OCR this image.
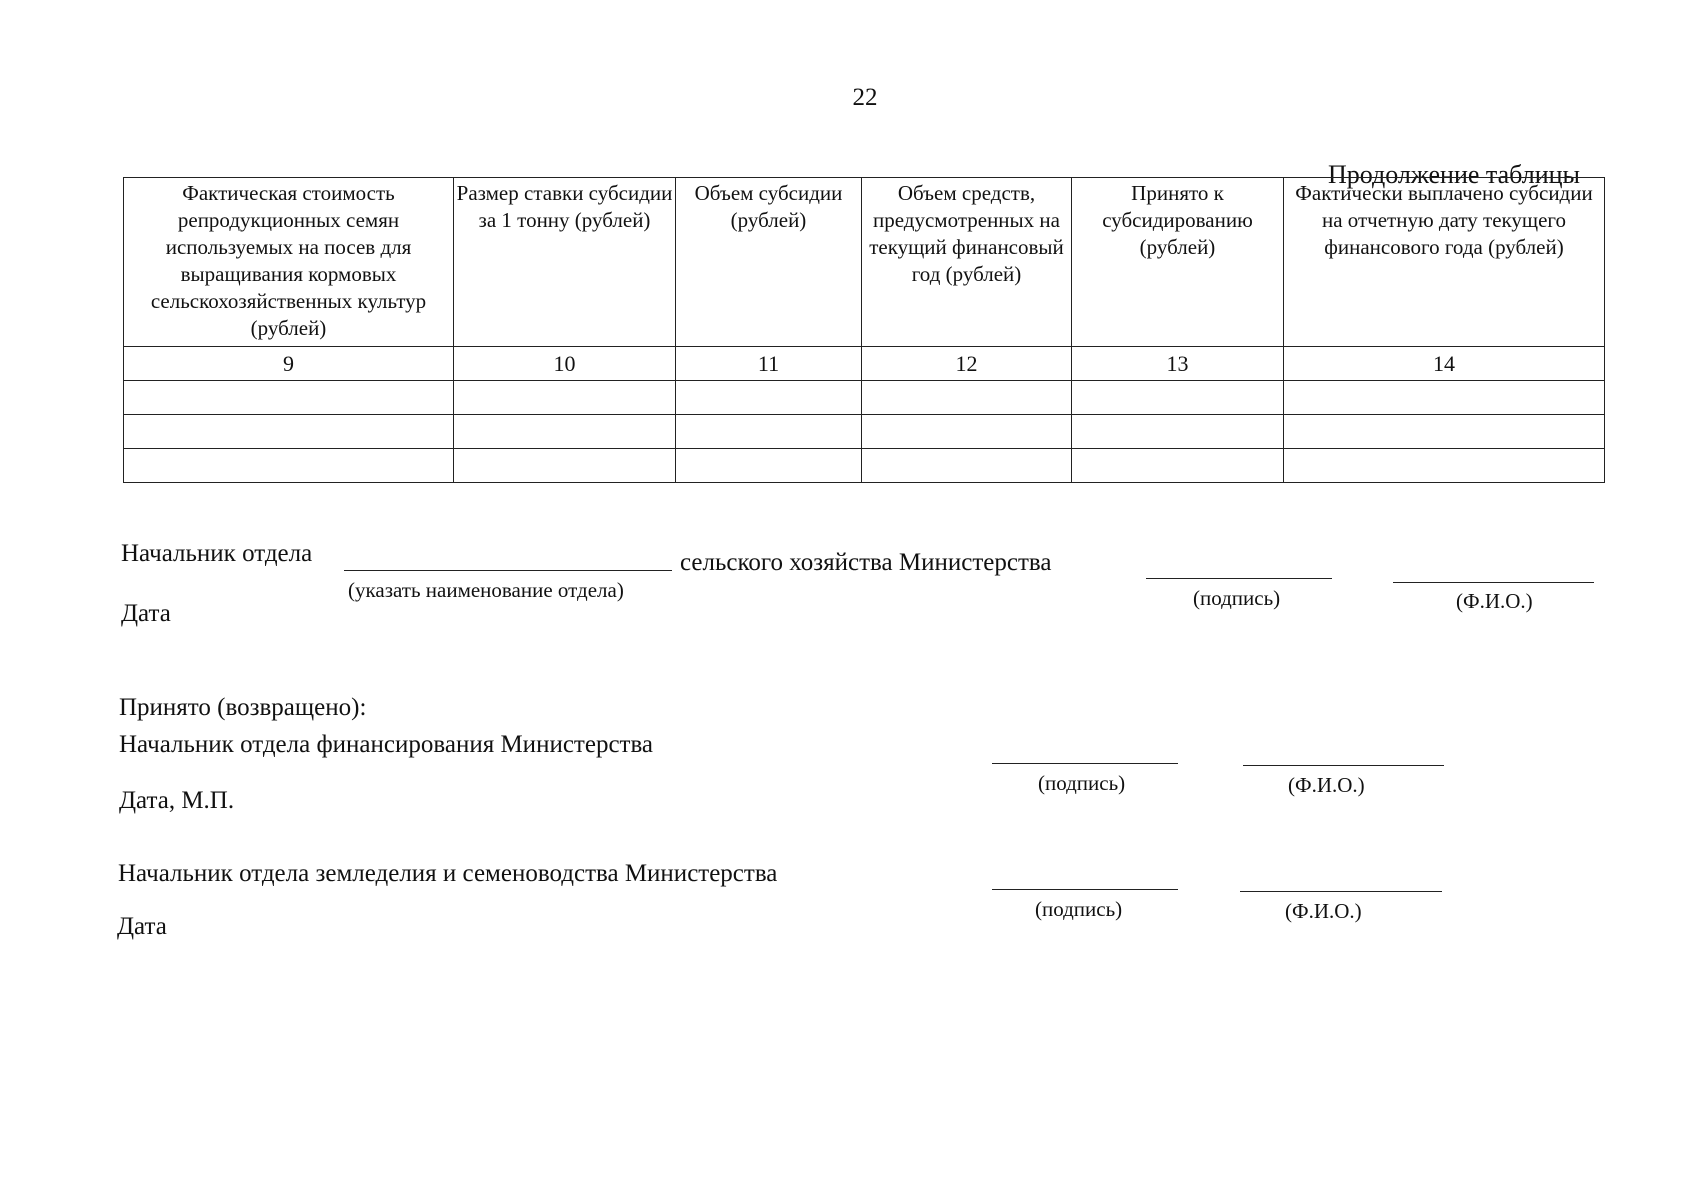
22
Продолжение таблицы
Фактическая стоимость репродукционных семян используемых на посев для выращивания кормовых сельскохозяйственных культур (рублей)	Размер ставки субсидии за 1 тонну (рублей)	Объем субсидии (рублей)	Объем средств, предусмотренных на текущий финансовый год (рублей)	Принято к субсидированию (рублей)	Фактически выплачено субсидии на отчетную дату текущего финансового года (рублей)
9	10	11	12	13	14

Начальник отдела	сельского хозяйства Министерства
(указать наименование отдела)	(подпись)	(Ф.И.О.)
Дата
Принято (возвращено):
Начальник отдела финансирования Министерства
(подпись)	(Ф.И.О.)
Дата, М.П.
Начальник отдела земледелия и семеноводства Министерства
(подпись)	(Ф.И.О.)
Дата
